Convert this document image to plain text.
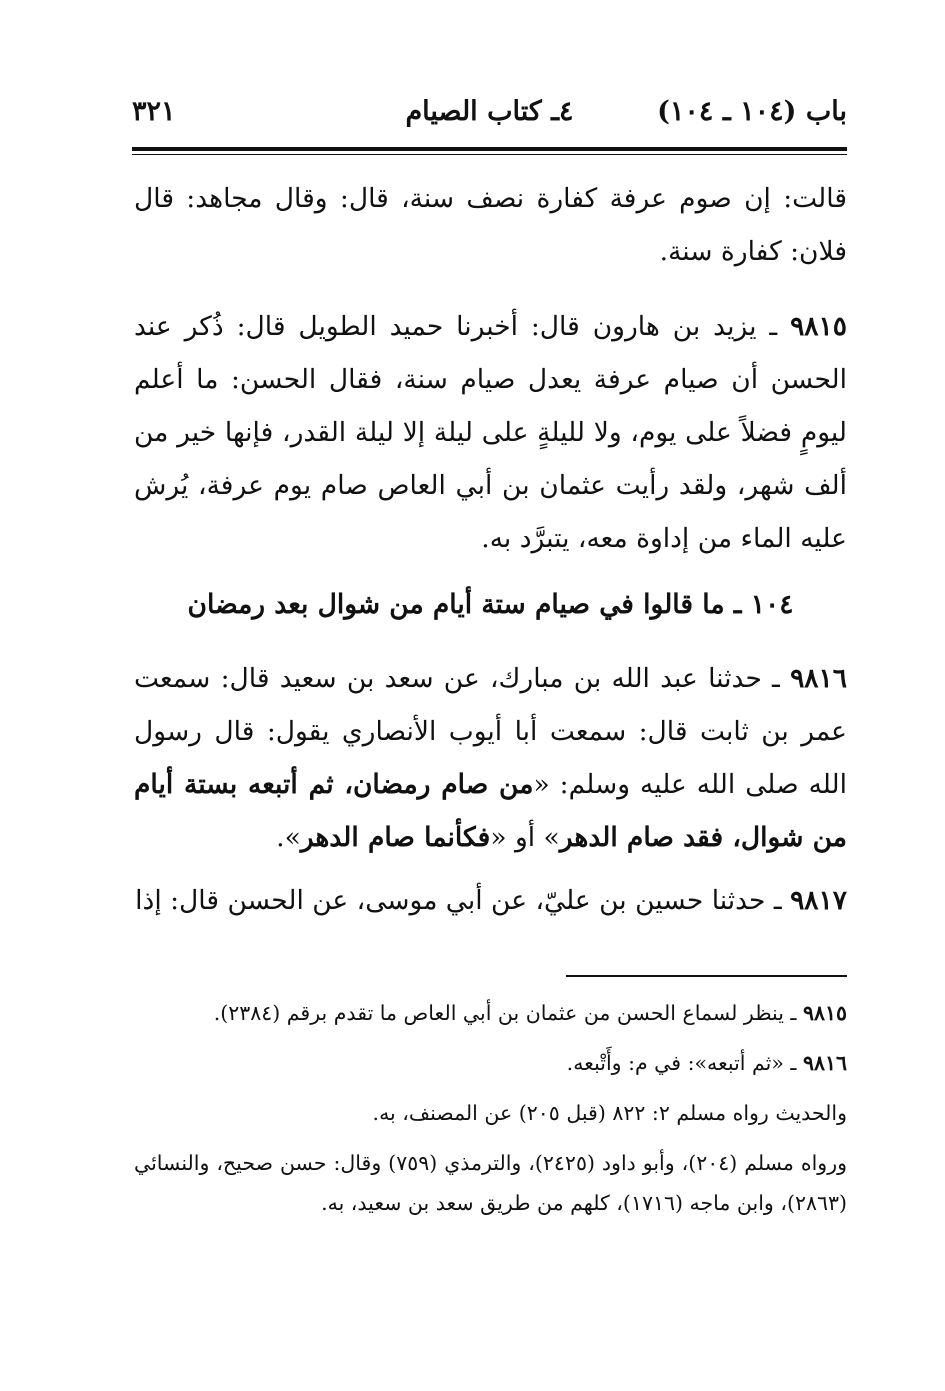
باب (١٠٤ ـ ١٠٤)
٤ـ كتاب الصيام
٣٢١
قالت: إن صوم عرفة كفارة نصف سنة، قال: وقال مجاهد: قال فلان: كفارة سنة.
٩٨١٥ ـ يزيد بن هارون قال: أخبرنا حميد الطويل قال: ذُكر عند الحسن أن صيام عرفة يعدل صيام سنة، فقال الحسن: ما أعلم ليومٍ فضلاً على يوم، ولا لليلةٍ على ليلة إلا ليلة القدر، فإنها خير من ألف شهر، ولقد رأيت عثمان بن أبي العاص صام يوم عرفة، يُرش عليه الماء من إداوة معه، يتبرَّد به.
١٠٤ ـ ما قالوا في صيام ستة أيام من شوال بعد رمضان
٩٨١٦ ـ حدثنا عبد الله بن مبارك، عن سعد بن سعيد قال: سمعت عمر بن ثابت قال: سمعت أبا أيوب الأنصاري يقول: قال رسول الله صلى الله عليه وسلم: «من صام رمضان، ثم أتبعه بستة أيام من شوال، فقد صام الدهر» أو «فكأنما صام الدهر».
٩٨١٧ ـ حدثنا حسين بن عليّ، عن أبي موسى، عن الحسن قال: إذا
٩٨١٥ ـ ينظر لسماع الحسن من عثمان بن أبي العاص ما تقدم برقم (٢٣٨٤).
٩٨١٦ ـ «ثم أتبعه»: في م: وأَتْبعه.
والحديث رواه مسلم ٢: ٨٢٢ (قبل ٢٠٥) عن المصنف، به.
ورواه مسلم (٢٠٤)، وأبو داود (٢٤٢٥)، والترمذي (٧٥٩) وقال: حسن صحيح، والنسائي (٢٨٦٣)، وابن ماجه (١٧١٦)، كلهم من طريق سعد بن سعيد، به.
